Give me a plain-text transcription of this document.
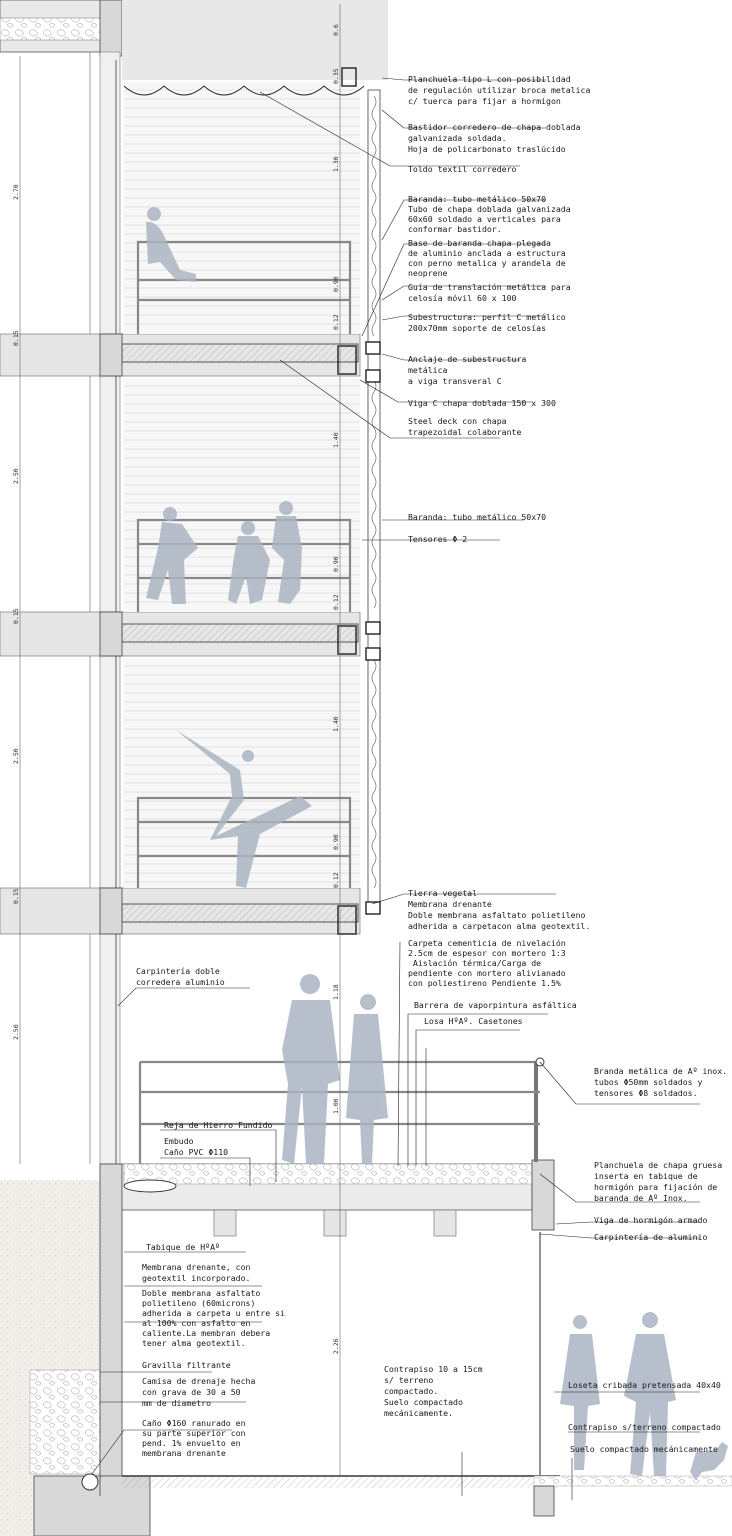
0.6
0.35
1.30
2.70
0.90
0.12
0.15
1.40
2.50
0.90
0.12
0.15
1.40
2.50
0.90
0.12
0.15
1.18
2.50
1.00
2.26
Planchuela tipo L con posibilidad de regulación utilizar broca metalica c/ tuerca para fijar a hormigon
Bastidor corredero de chapa doblada galvanizada soldada. Hoja de policarbonato traslúcido
Toldo textil corredero
Baranda: tubo metálico 50x70 Tubo de chapa doblada galvanizada 60x60 soldado a verticales para conformar bastidor.
Base de baranda chapa plegada de aluminio anclada a estructura con perno metalica y arandela de neoprene
Guía de translación metálica para celosía móvil 60 x 100
Subestructura: perfil C metálico 200x70mm soporte de celosías
Anclaje de subestructura metálica a viga transveral C
Viga C chapa doblada 150 x 300
Steel deck con chapa trapezoidal colaborante
Baranda: tubo metálico 50x70
Tensores Φ 2
Tierra vegetal Membrana drenante Doble membrana asfaltato polietileno adherida a carpetacon alma geotextil.
Carpeta cementicia de nivelación 2.5cm de espesor con mortero 1:3 Aislación térmica/Carga de pendiente con mortero alivianado con poliestireno Pendiente 1.5%
Barrera de vaporpintura asfáltica
Losa HºAº. Casetones
Branda metálica de Aº inox. tubos Φ50mm soldados y tensores Φ8 soldados.
Planchuela de chapa gruesa inserta en tabique de hormigón para fijación de baranda de Aº Inox.
Viga de hormigón armado
Carpintería de aluminio
Carpintería doble corredera aluminio
Reja de Hierro Fundido
Embudo Caño PVC Φ110
Tabique de HºAº
Membrana drenante, con geotextil incorporado.
Doble membrana asfaltato polietileno (60microns) adherida a carpeta u entre si al 100% con asfalto en caliente.La membran debera tener alma geotextil.
Gravilla filtrante
Camisa de drenaje hecha con grava de 30 a 50 mm de diametro
Caño Φ160 ranurado en su parte superior con pend. 1% envuelto en membrana drenante
Contrapiso 10 a 15cm s/ terreno compactado. Suelo compactado mecánicamente.
Loseta cribada pretensada 40x40
Contrapiso s/terreno compactado
Suelo compactado mecánicamente
